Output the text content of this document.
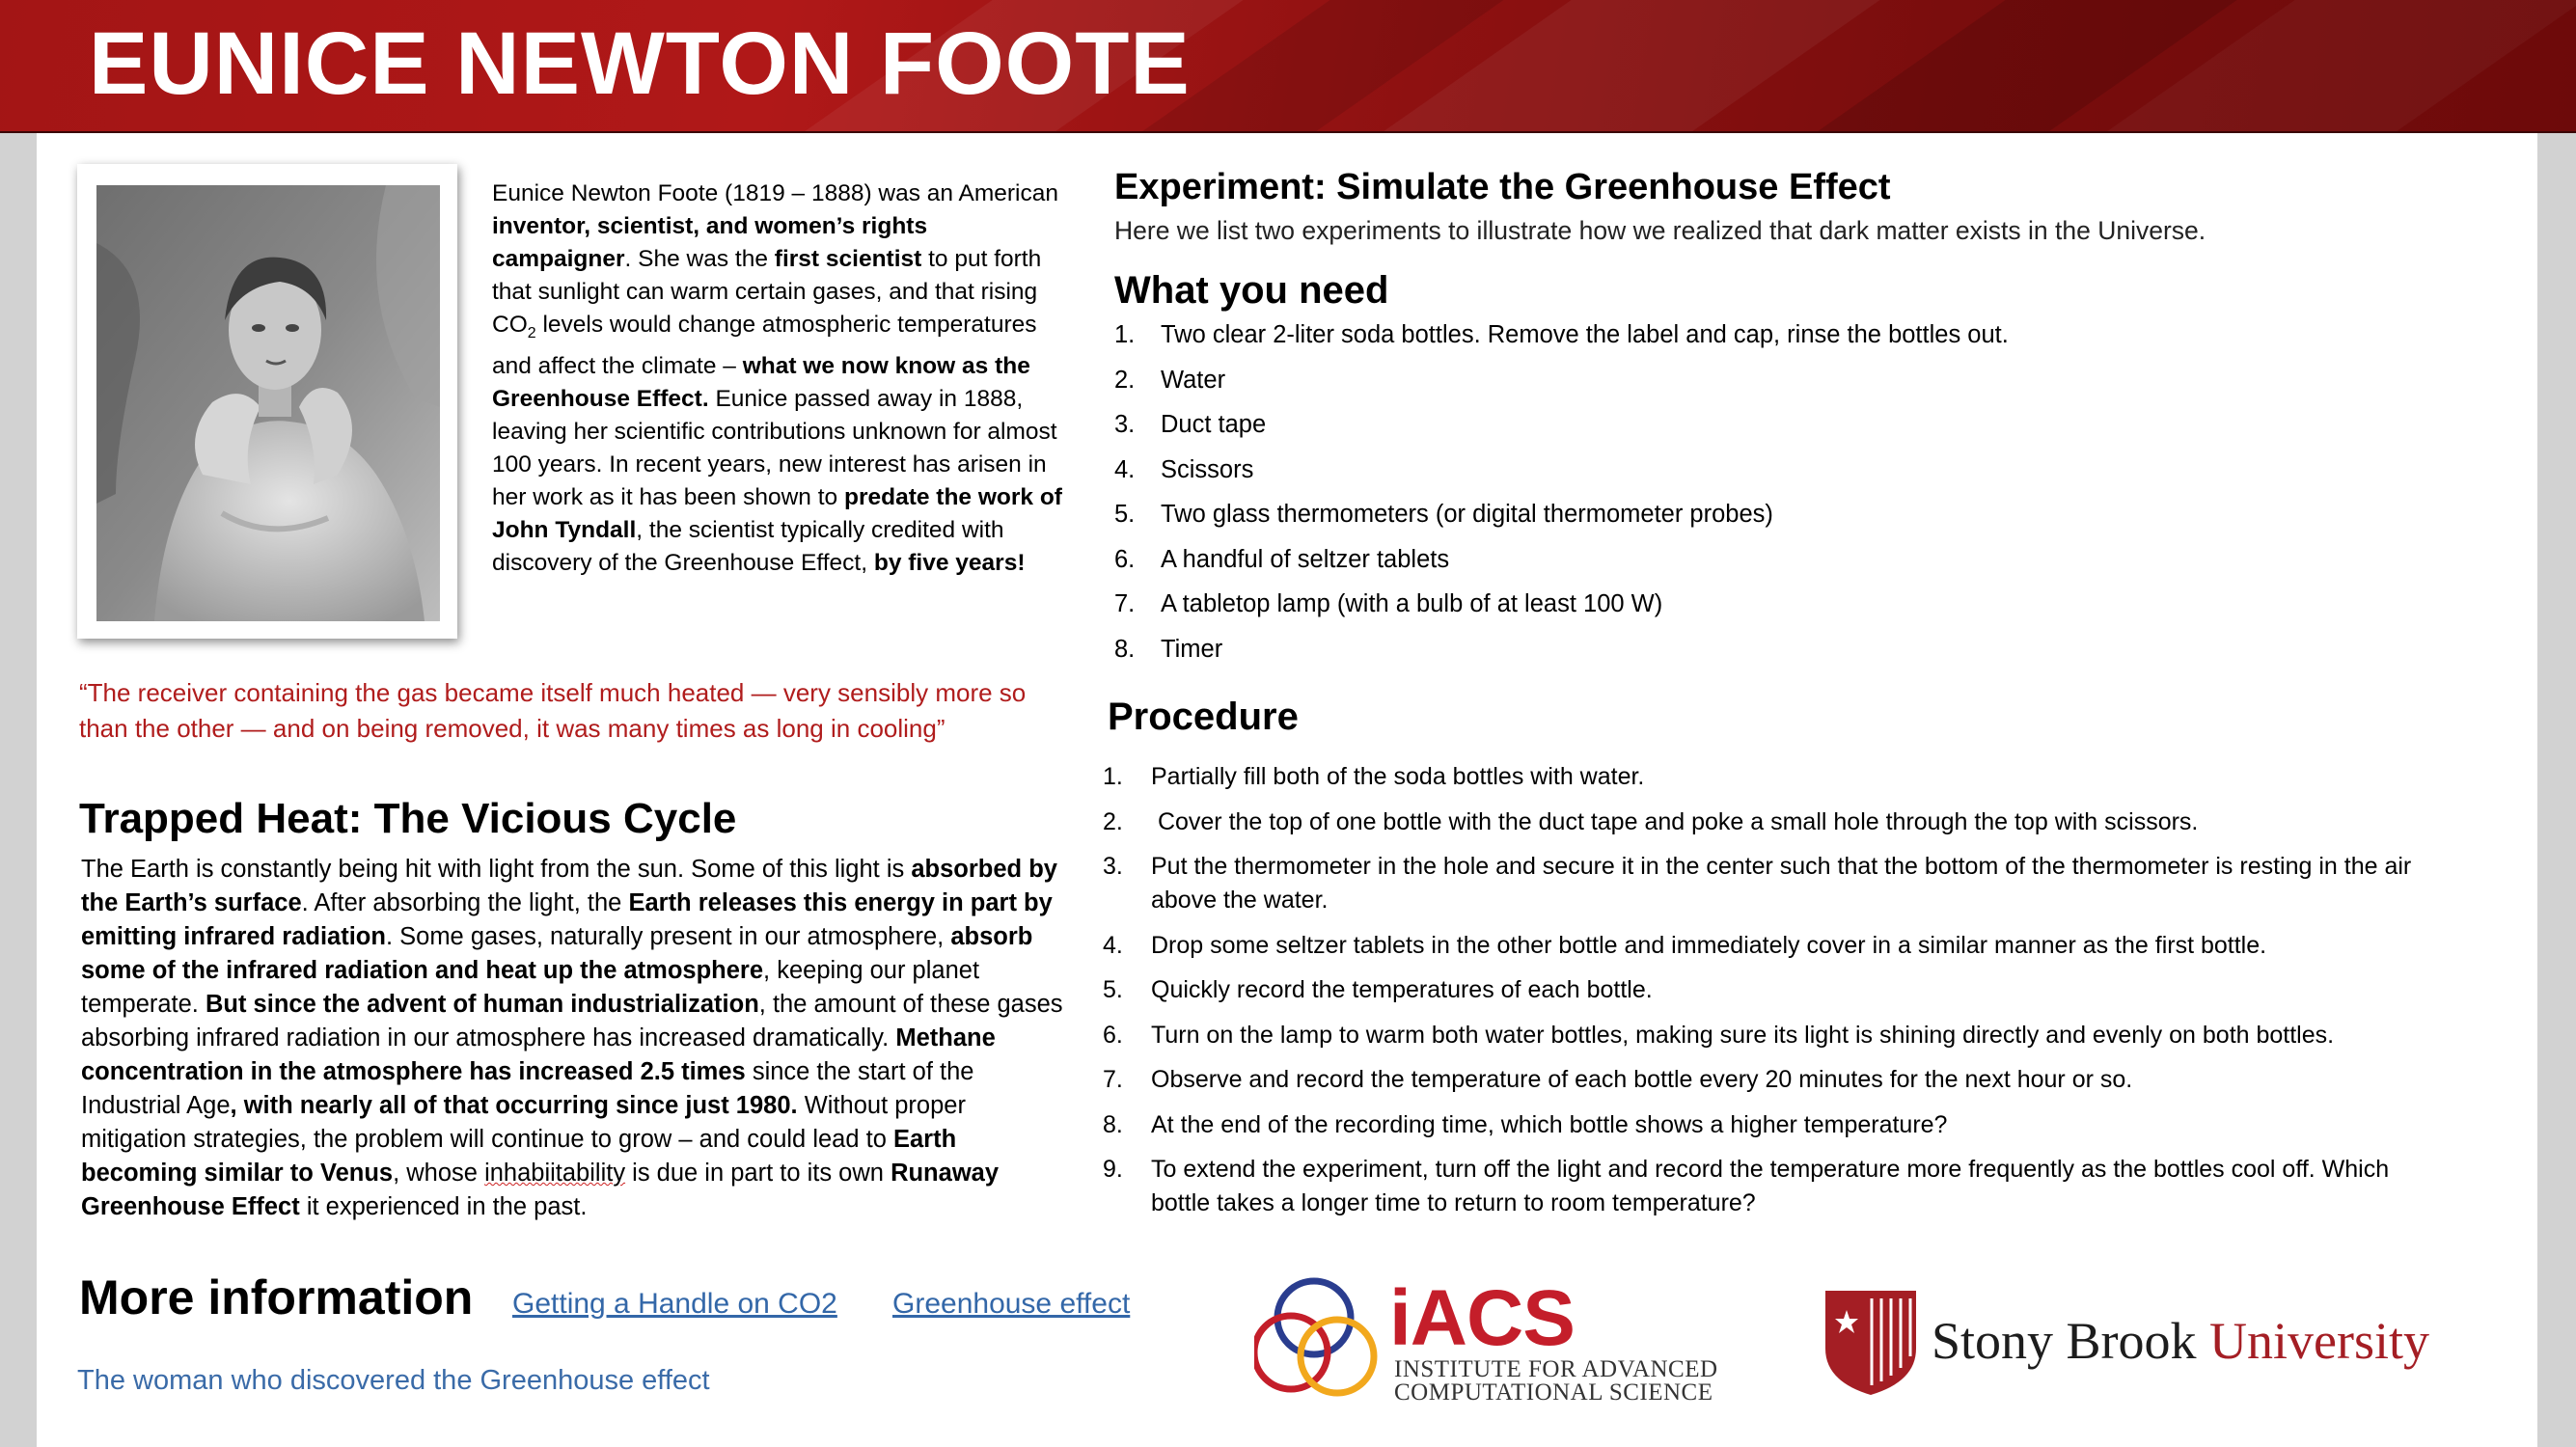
EUNICE NEWTON FOOTE
Eunice Newton Foote (1819 – 1888) was an American inventor, scientist, and women’s rights campaigner. She was the first scientist to put forth that sunlight can warm certain gases, and that rising $CO_2$ levels would change atmospheric temperatures and affect the climate – what we now know as the Greenhouse Effect. Eunice passed away in 1888, leaving her scientific contributions unknown for almost 100 years. In recent years, new interest has arisen in her work as it has been shown to predate the work of John Tyndall, the scientist typically credited with discovery of the Greenhouse Effect, by five years!
“The receiver containing the gas became itself much heated — very sensibly more so than the other — and on being removed, it was many times as long in cooling”
Trapped Heat: The Vicious Cycle
The Earth is constantly being hit with light from the sun. Some of this light is absorbed by the Earth’s surface. After absorbing the light, the Earth releases this energy in part by emitting infrared radiation. Some gases, naturally present in our atmosphere, absorb some of the infrared radiation and heat up the atmosphere, keeping our planet temperate. But since the advent of human industrialization, the amount of these gases absorbing infrared radiation in our atmosphere has increased dramatically. Methane concentration in the atmosphere has increased 2.5 times since the start of the Industrial Age, with nearly all of that occurring since just 1980. Without proper mitigation strategies, the problem will continue to grow – and could lead to Earth becoming similar to Venus, whose inhabiitability is due in part to its own Runaway Greenhouse Effect it experienced in the past.
Experiment: Simulate the Greenhouse Effect
Here we list two experiments to illustrate how we realized that dark matter exists in the Universe.
What you need
1. Two clear 2-liter soda bottles. Remove the label and cap, rinse the bottles out.
2. Water
3. Duct tape
4. Scissors
5. Two glass thermometers (or digital thermometer probes)
6. A handful of seltzer tablets
7. A tabletop lamp (with a bulb of at least 100 W)
8. Timer
Procedure
1. Partially fill both of the soda bottles with water.
2. Cover the top of one bottle with the duct tape and poke a small hole through the top with scissors.
3. Put the thermometer in the hole and secure it in the center such that the bottom of the thermometer is resting in the air above the water.
4. Drop some seltzer tablets in the other bottle and immediately cover in a similar manner as the first bottle.
5. Quickly record the temperatures of each bottle.
6. Turn on the lamp to warm both water bottles, making sure its light is shining directly and evenly on both bottles.
7. Observe and record the temperature of each bottle every 20 minutes for the next hour or so.
8. At the end of the recording time, which bottle shows a higher temperature?
9. To extend the experiment, turn off the light and record the temperature more frequently as the bottles cool off. Which bottle takes a longer time to return to room temperature?
More information Getting a Handle on CO2 Greenhouse effect
The woman who discovered the Greenhouse effect
iACS
INSTITUTE FOR ADVANCED
COMPUTATIONAL SCIENCE
Stony Brook University
